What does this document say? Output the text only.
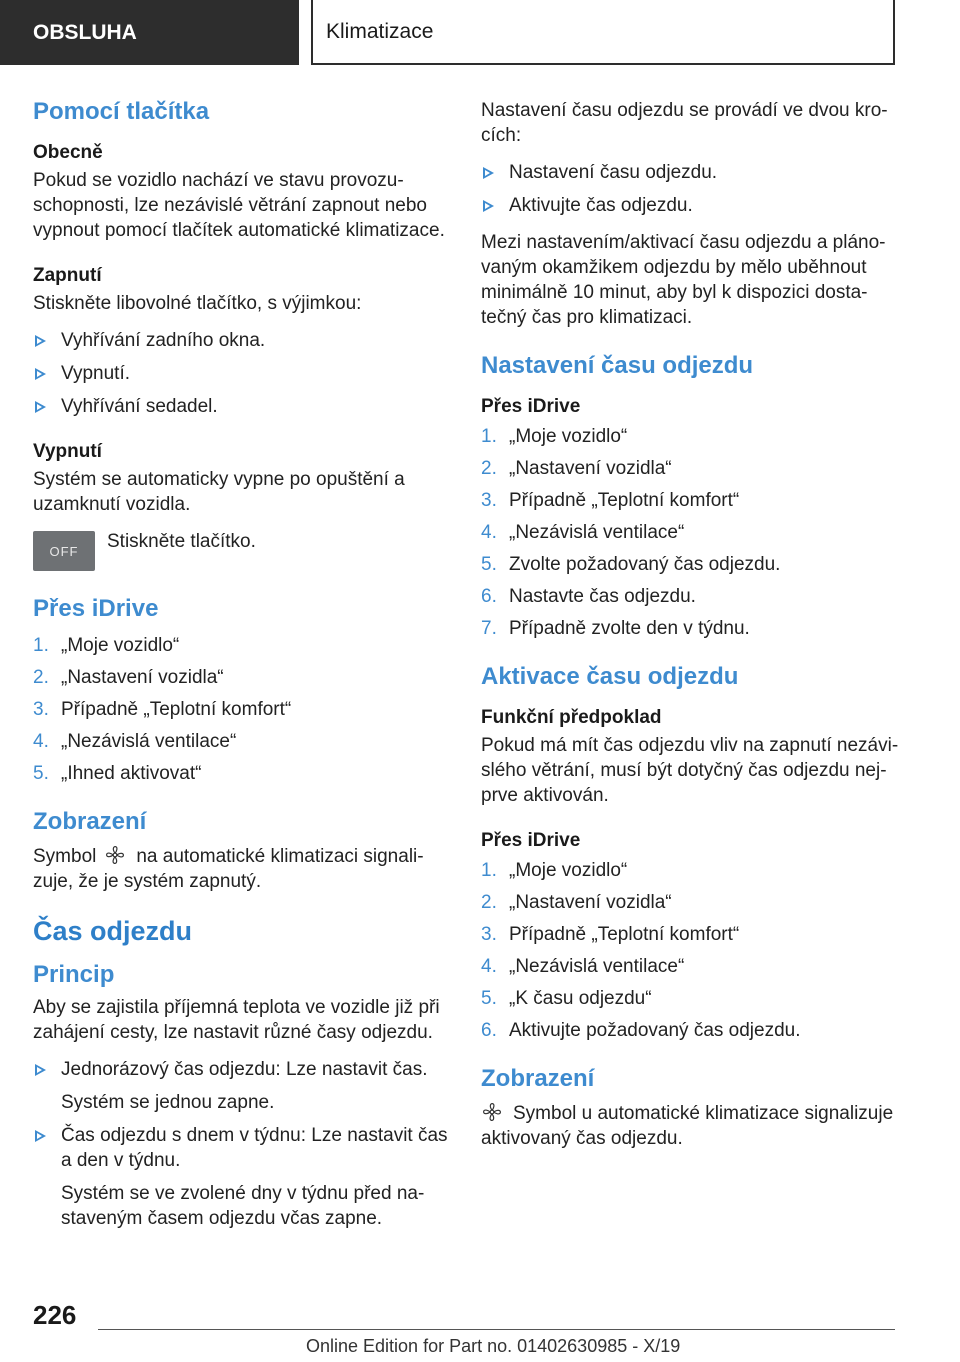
OBSLUHA	Klimatizace
Pomocí tlačítka
Obecně
Pokud se vozidlo nachází ve stavu provozu-schopnosti, lze nezávislé větrání zapnout nebo vypnout pomocí tlačítek automatické klimatizace.
Zapnutí
Stiskněte libovolné tlačítko, s výjimkou:
Vyhřívání zadního okna.
Vypnutí.
Vyhřívání sedadel.
Vypnutí
Systém se automaticky vypne po opuštění a uzamknutí vozidla.
OFF	Stiskněte tlačítko.
Přes iDrive
1. „Moje vozidlo“
2. „Nastavení vozidla“
3. Případně „Teplotní komfort“
4. „Nezávislá ventilace“
5. „Ihned aktivovat“
Zobrazení
Symbol na automatické klimatizaci signali-zuje, že je systém zapnutý.
Čas odjezdu
Princip
Aby se zajistila příjemná teplota ve vozidle již při zahájení cesty, lze nastavit různé časy odjezdu.
Jednorázový čas odjezdu: Lze nastavit čas.
Systém se jednou zapne.
Čas odjezdu s dnem v týdnu: Lze nastavit čas a den v týdnu.
Systém se ve zvolené dny v týdnu před na-staveným časem odjezdu včas zapne.
Nastavení času odjezdu se provádí ve dvou kro-cích:
Nastavení času odjezdu.
Aktivujte čas odjezdu.
Mezi nastavením/aktivací času odjezdu a pláno-vaným okamžikem odjezdu by mělo uběhnout minimálně 10 minut, aby byl k dispozici dosta-tečný čas pro klimatizaci.
Nastavení času odjezdu
Přes iDrive
1. „Moje vozidlo“
2. „Nastavení vozidla“
3. Případně „Teplotní komfort“
4. „Nezávislá ventilace“
5. Zvolte požadovaný čas odjezdu.
6. Nastavte čas odjezdu.
7. Případně zvolte den v týdnu.
Aktivace času odjezdu
Funkční předpoklad
Pokud má mít čas odjezdu vliv na zapnutí nezávi-slého větrání, musí být dotyčný čas odjezdu nej-prve aktivován.
Přes iDrive
1. „Moje vozidlo“
2. „Nastavení vozidla“
3. Případně „Teplotní komfort“
4. „Nezávislá ventilace“
5. „K času odjezdu“
6. Aktivujte požadovaný čas odjezdu.
Zobrazení
Symbol u automatické klimatizace signalizuje aktivovaný čas odjezdu.
226
Online Edition for Part no. 01402630985 - X/19
